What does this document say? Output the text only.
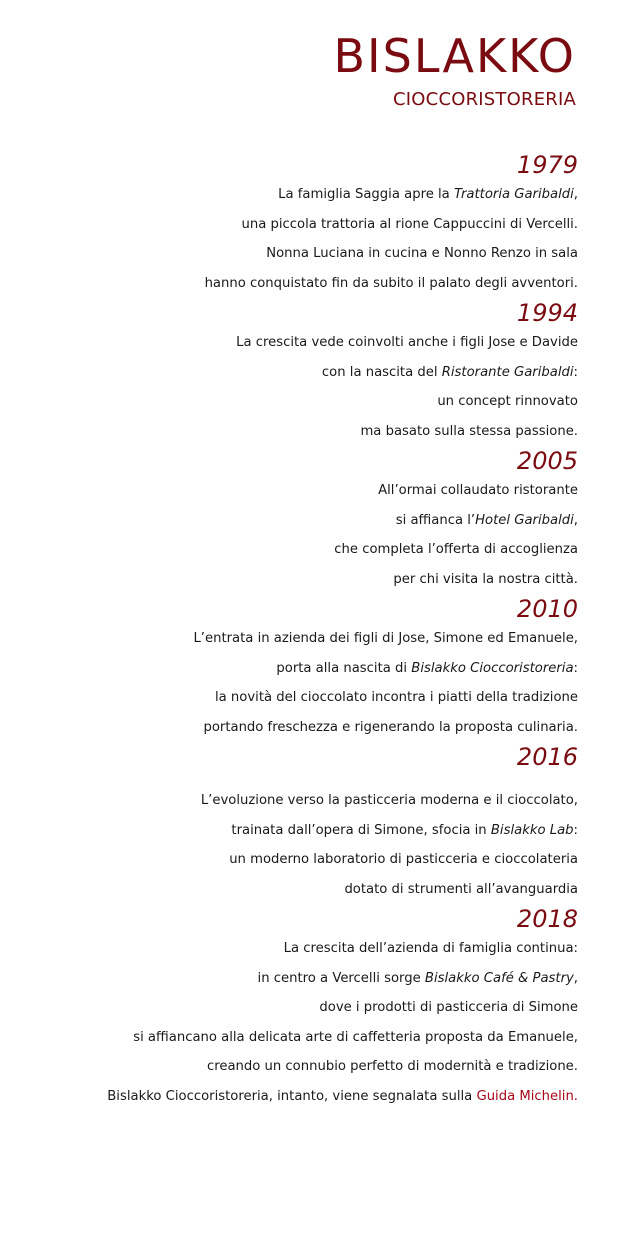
BISLAKKO
CIOCCORISTORERIA
1979
La famiglia Saggia apre la Trattoria Garibaldi,
una piccola trattoria al rione Cappuccini di Vercelli.
Nonna Luciana in cucina e Nonno Renzo in sala
hanno conquistato fin da subito il palato degli avventori.
1994
La crescita vede coinvolti anche i figli Jose e Davide
con la nascita del Ristorante Garibaldi:
un concept rinnovato
ma basato sulla stessa passione.
2005
All’ormai collaudato ristorante
si affianca l’Hotel Garibaldi,
che completa l’offerta di accoglienza
per chi visita la nostra città.
2010
L’entrata in azienda dei figli di Jose, Simone ed Emanuele,
porta alla nascita di Bislakko Cioccoristoreria:
la novità del cioccolato incontra i piatti della tradizione
portando freschezza e rigenerando la proposta culinaria.
2016
L’evoluzione verso la pasticceria moderna e il cioccolato,
trainata dall’opera di Simone, sfocia in Bislakko Lab:
un moderno laboratorio di pasticceria e cioccolateria
dotato di strumenti all’avanguardia
2018
La crescita dell’azienda di famiglia continua:
in centro a Vercelli sorge Bislakko Café & Pastry,
dove i prodotti di pasticceria di Simone
si affiancano alla delicata arte di caffetteria proposta da Emanuele,
creando un connubio perfetto di modernità e tradizione.
Bislakko Cioccoristoreria, intanto, viene segnalata sulla Guida Michelin.
